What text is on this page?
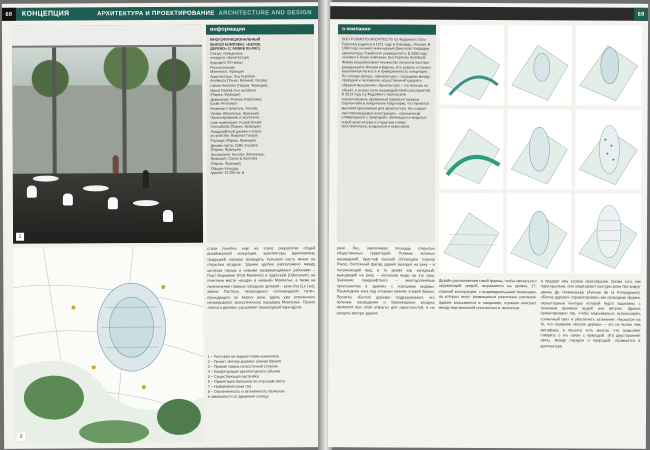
68	КОНЦЕПЦИЯ	АРХИТЕКТУРА И ПРОЕКТИРОВАНИЕ ARCHITECTURE AND DESIGN
1
информация
МНОГОФУНКЦИОНАЛЬНЫЙ
ЖИЛОЙ КОМПЛЕКС «БЕЛОЕ
ДЕРЕВО» (L'ARBRE BLANC)
Статус: победитель
конкурса «Архитектура
будущего XXI века»
Расположение:
Монпелье, Франция
Архитекторы: Sou Fujimoto
Architects (Токио, Япония), Nicolas
Laisné Associés (Париж, Франция),
Manal Rachdi Oxo architects
(Париж, Франция)
Девелопер: Promeo Patrimoine,
Evolis Promotion
Инженер-строитель: Arcadis
Verdier (Монпелье, Франция)
Проектирование и экологиче-
ская инженерия: Franck Boutté
Consultants (Париж, Франция)
Ландшафтный дизайн и благо-
устройство: Bassinet Turquin
Paysage (Париж, Франция)
Дизайн света: Odile Soudant
(Париж, Франция)
Экспертиза: Socotec (Монпелье,
Франция), Casso & Associés
(Париж, Франция)
Общая площадь
здания: 10 255 кв. м
стали понятно еще на этапе разработки общей дизайнерской концепции, архитекторы вдохновлены традицией горожан проводить большую часть жизни на открытом воздухе. Здание удобно расположено между центром города и новыми развивающимися районами – Порт Марианнe (Port Marianne) и Одиссеум (Odysseum), на почетном месте «входа» в «новый» Монпелье, а также на пересечении главных городских артерий – реки Лез (Le Lez), авеню Пастера, пешеходного «эспланадного пути», проходящего по берегу реки, вдоль уже устроенного непрерывного экологического коридора Монпелье. Проект «Белого дерева» расширяет пешеходный парк вдоль
1 – Ресторан на первом этаже комплекса
2 – Проект «Белое дерево» (жилая башня)
3 – Прямая гавань на восточной стороне
4 – Конфигурация архитектурного объема
5 – Существующая застройка
6 – Ориентация балконов по сторонам света
7 – Набережная реки Лез
8 – Озеленённость и затенённость балконов
в зависимости от движения солнца
2
69
о компании
SOU FUJIMOTO ARCHITECTS Су Фудзимото (Sou Fujimoto) родился в 1971 году в Хоккайдо, Япония. В 1994 году окончил инженерный факультет Кафедры архитектуры Токийского университета. В 2000 году основал в Токио компанию Sou Fujimoto Architects. Фирма разрабатывает множество проектов частных резиденций в Японии и Европе. Его работы отличает изысканная легкость и приверженность концепции. По словам автора, «архитектура – посредник между природой и человеком, искусственной средой и образом мышления». Архитектура – это больше не объект, а скорее поле взаимодействий и восприятий. В 2013 году Су Фудзимото пригласили спроектировать временный павильон галереи Серпентайн в лондонском Гайд-парке, что является высоким признанием для архитектора. Он создает светопроницаемую конструкцию, «органически сливающуюся с природой», являющуюся моделью новой архитектуры и открытым к миру пространством, воздушной и невесомой.
реки Лез, увеличивая площадь открытых общественных территорий. Помимо зеленых насаждений, Кристоф Коломб (Christophe Colomb Place). Восточный фасад здания выходит на реку – и потрясающий вид, в то время как западный, выходящий на реку, – неплохие виды на эту зону. Значение ландшафтного – многоуровневые пространства в зданиях с хорошими видами. Пешеходная зона под опорами нижних этажей башни. Проекты «Белого дерева» подразумевают, что зеленые насаждения и перемещение воздуха являются при этом открыты для окрестностей, а не заперты внутри здания.
Дизайн расположения такой формы, чтобы связаться с окружающей средой, выражается на уровне 17-этажной конструкции, с индивидуальными балконами, на которых могут размещаться различные растения. Здание вписывается в ландшафт, отражая контраст между вертикальной плотностью и легкостью.
и придает ему особое своеобразие. Кроме того, как пара крыльев, они охватывают контуры реки Лез вокруг авеню Де Нюманшьёр (Avenue de la Pompignane). «Белое дерево» спроектировано как природная форма, скульптурные контуры которой будто вырезаны с течением времени водой или ветром. Здание ориентировано так, чтобы максимально использовать солнечный свет и обеспечить затенение. Несмотря на то, что название «Белое дерево» – это не более чем метафора, в проекте есть многое, что позволяет говорить о его связи с природой. Эта двусторонняя связь, между городом и природой, отражается в архитектуре.
